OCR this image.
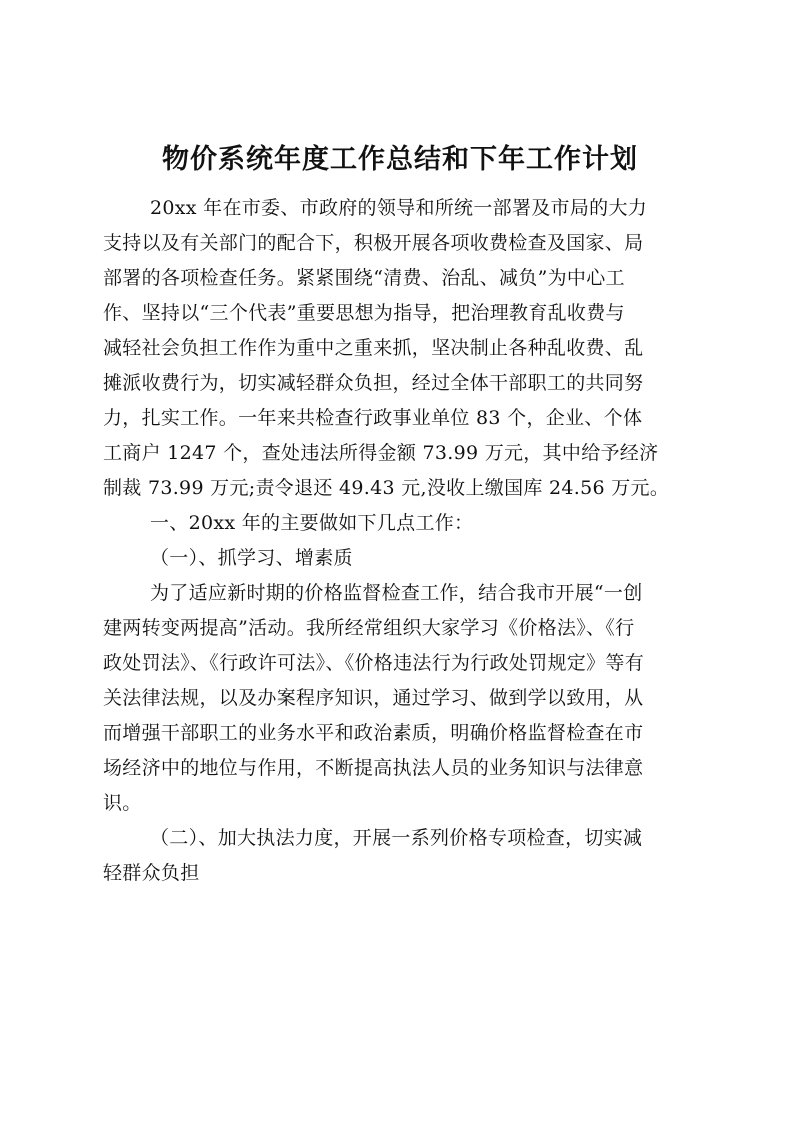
物价系统年度工作总结和下年工作计划
20xx 年在市委、市政府的领导和所统一部署及市局的大力
支持以及有关部门的配合下，积极开展各项收费检查及国家、局
部署的各项检查任务。紧紧围绕“清费、治乱、减负”为中心工
作、坚持以“三个代表”重要思想为指导，把治理教育乱收费与
减轻社会负担工作作为重中之重来抓，坚决制止各种乱收费、乱
摊派收费行为，切实减轻群众负担，经过全体干部职工的共同努
力，扎实工作。一年来共检查行政事业单位 83 个，企业、个体
工商户 1247 个，查处违法所得金额 73.99 万元，其中给予经济
制裁 73.99 万元;责令退还 49.43 元,没收上缴国库 24.56 万元。
一、20xx 年的主要做如下几点工作：
（一）、抓学习、增素质
为了适应新时期的价格监督检查工作，结合我市开展“一创
建两转变两提高”活动。我所经常组织大家学习《价格法》、《行
政处罚法》、《行政许可法》、《价格违法行为行政处罚规定》等有
关法律法规，以及办案程序知识，通过学习、做到学以致用，从
而增强干部职工的业务水平和政治素质，明确价格监督检查在市
场经济中的地位与作用，不断提高执法人员的业务知识与法律意
识。
（二）、加大执法力度，开展一系列价格专项检查，切实减
轻群众负担
